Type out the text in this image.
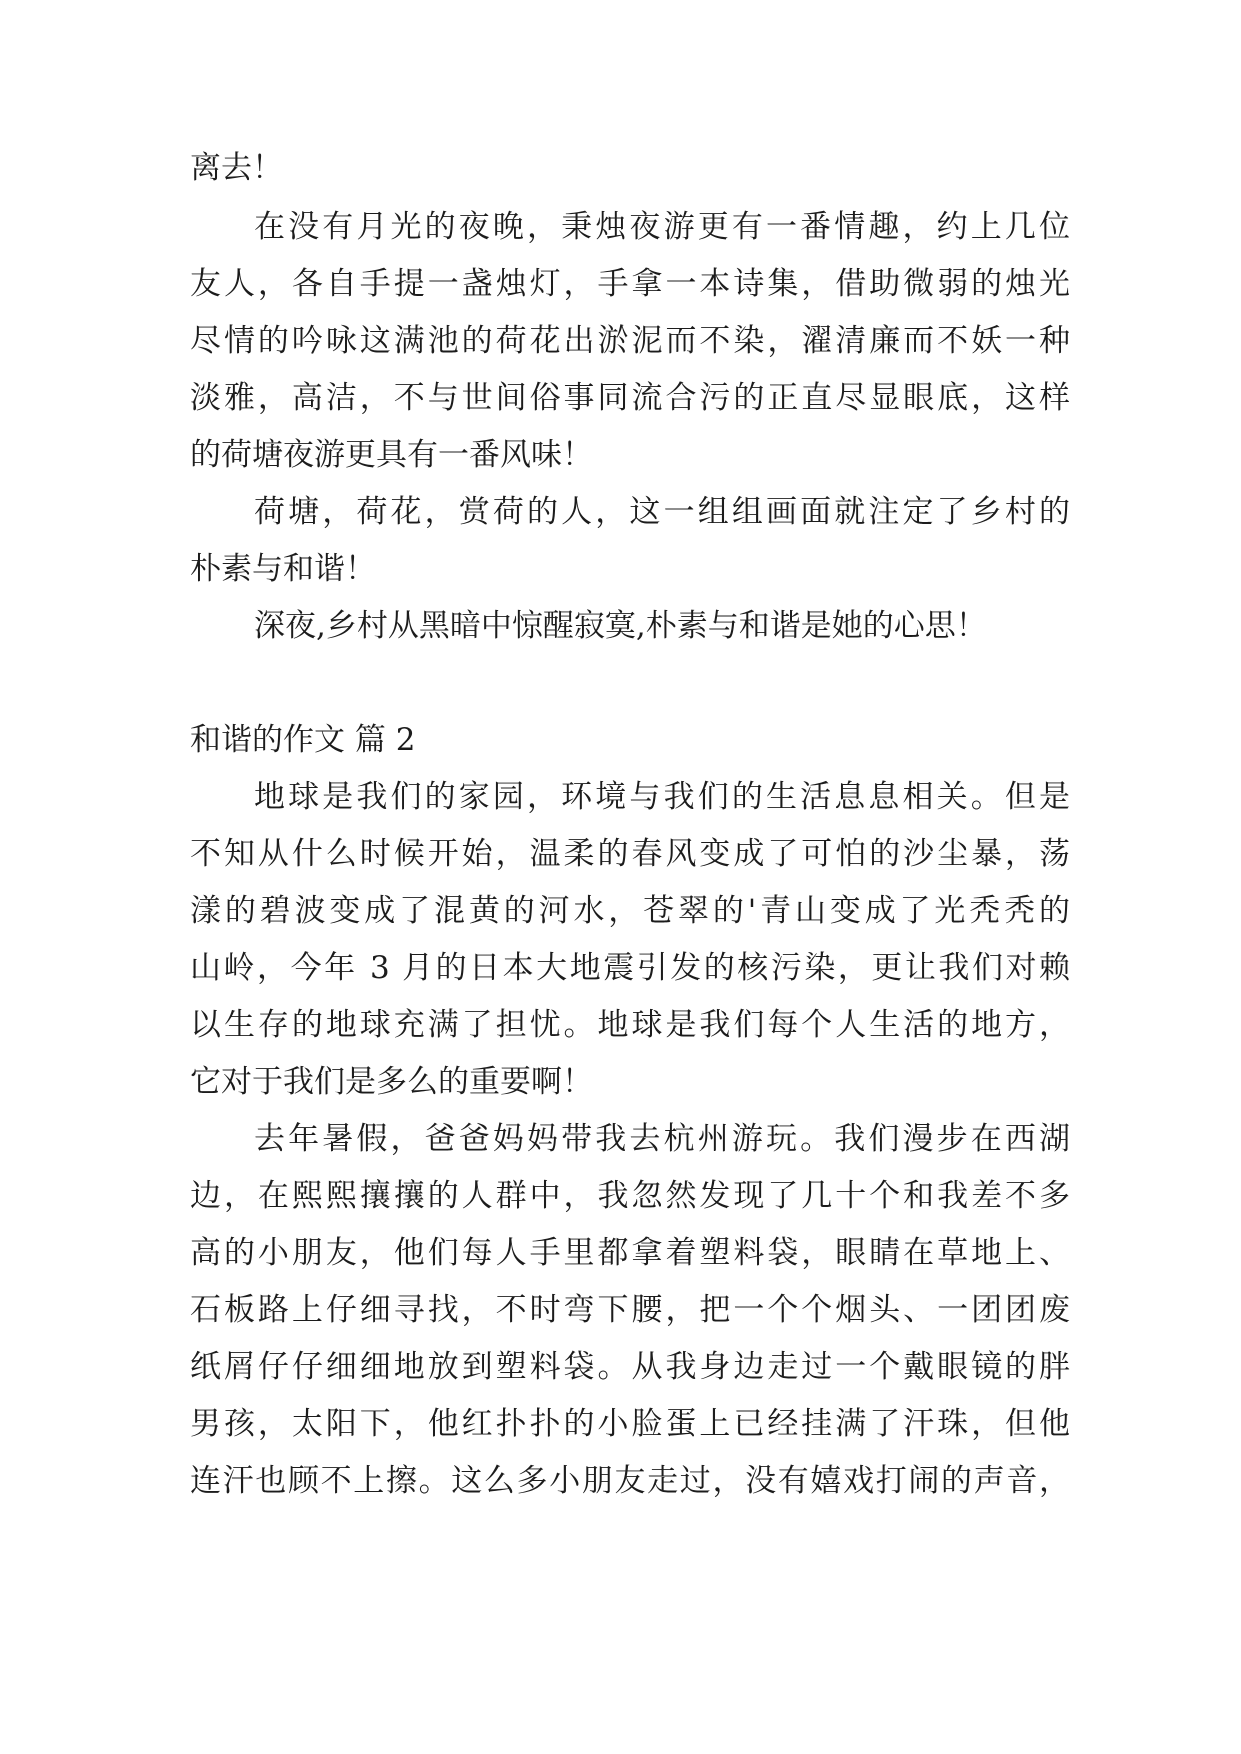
离去！
在没有月光的夜晚，秉烛夜游更有一番情趣，约上几位
友人，各自手提一盏烛灯，手拿一本诗集，借助微弱的烛光
尽情的吟咏这满池的荷花出淤泥而不染，濯清廉而不妖一种
淡雅，高洁，不与世间俗事同流合污的正直尽显眼底，这样
的荷塘夜游更具有一番风味！
荷塘，荷花，赏荷的人，这一组组画面就注定了乡村的
朴素与和谐！
深夜,乡村从黑暗中惊醒寂寞,朴素与和谐是她的心思！
和谐的作文 篇 2
地球是我们的家园，环境与我们的生活息息相关。但是
不知从什么时候开始，温柔的春风变成了可怕的沙尘暴，荡
漾的碧波变成了混黄的河水，苍翠的'青山变成了光秃秃的
山岭，今年 3 月的日本大地震引发的核污染，更让我们对赖
以生存的地球充满了担忧。地球是我们每个人生活的地方，
它对于我们是多么的重要啊！
去年暑假，爸爸妈妈带我去杭州游玩。我们漫步在西湖
边，在熙熙攘攘的人群中，我忽然发现了几十个和我差不多
高的小朋友，他们每人手里都拿着塑料袋，眼睛在草地上、
石板路上仔细寻找，不时弯下腰，把一个个烟头、一团团废
纸屑仔仔细细地放到塑料袋。从我身边走过一个戴眼镜的胖
男孩，太阳下，他红扑扑的小脸蛋上已经挂满了汗珠，但他
连汗也顾不上擦。这么多小朋友走过，没有嬉戏打闹的声音，
